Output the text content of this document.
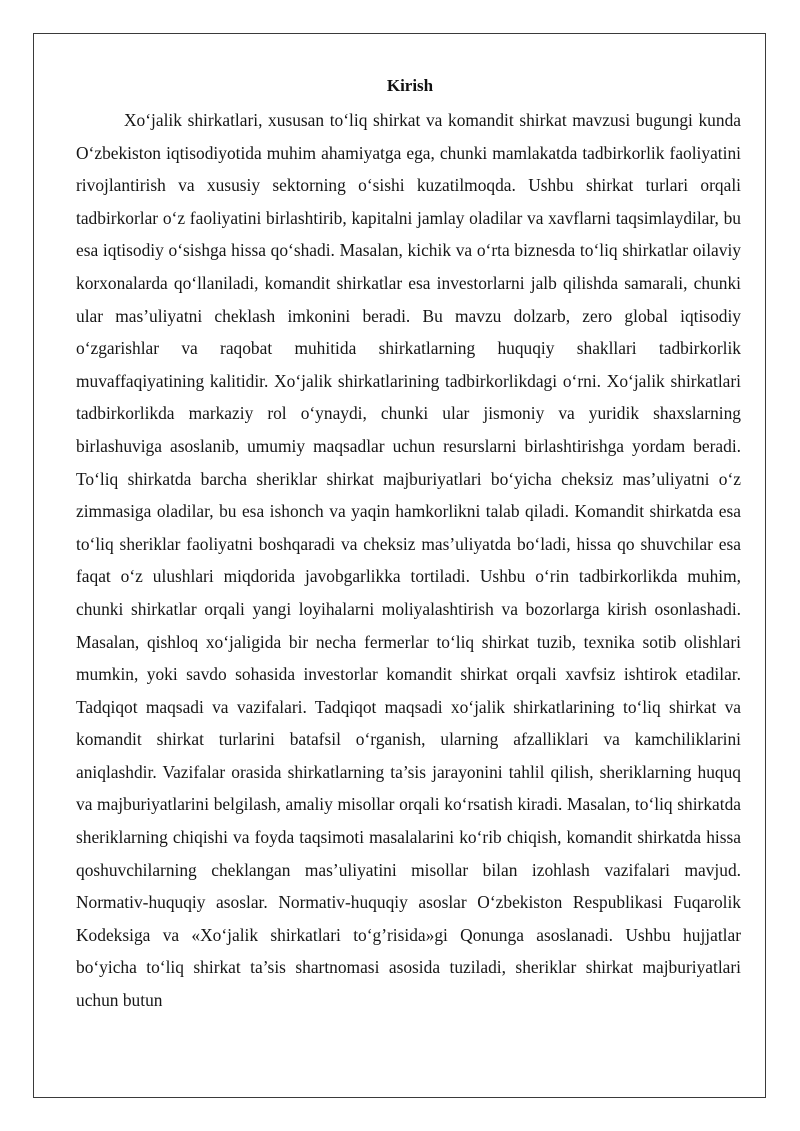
Kirish

Xo‘jalik shirkatlari, xususan to‘liq shirkat va komandit shirkat mavzusi bugungi kunda O‘zbekiston iqtisodiyotida muhim ahamiyatga ega, chunki mamlakatda tadbirkorlik faoliyatini rivojlantirish va xususiy sektorning o‘sishi kuzatilmoqda. Ushbu shirkat turlari orqali tadbirkorlar o‘z faoliyatini birlashtirib, kapitalni jamlay oladilar va xavflarni taqsimlaydilar, bu esa iqtisodiy o‘sishga hissa qo‘shadi. Masalan, kichik va o‘rta biznesda to‘liq shirkatlar oilaviy korxonalarda qo‘llaniladi, komandit shirkatlar esa investorlarni jalb qilishda samarali, chunki ular mas’uliyatni cheklash imkonini beradi. Bu mavzu dolzarb, zero global iqtisodiy o‘zgarishlar va raqobat muhitida shirkatlarning huquqiy shakllari tadbirkorlik muvaffaqiyatining kalitidir. Xo‘jalik shirkatlarining tadbirkorlikdagi o‘rni. Xo‘jalik shirkatlari tadbirkorlikda markaziy rol o‘ynaydi, chunki ular jismoniy va yuridik shaxslarning birlashuviga asoslanib, umumiy maqsadlar uchun resurslarni birlashtirishga yordam beradi. To‘liq shirkatda barcha sheriklar shirkat majburiyatlari bo‘yicha cheksiz mas’uliyatni o‘z zimmasiga oladilar, bu esa ishonch va yaqin hamkorlikni talab qiladi. Komandit shirkatda esa to‘liq sheriklar faoliyatni boshqaradi va cheksiz mas’uliyatda bo‘ladi, hissa qo shuvchilar esa faqat o‘z ulushlari miqdorida javobgarlikka tortiladi. Ushbu o‘rin tadbirkorlikda muhim, chunki shirkatlar orqali yangi loyihalarni moliyalashtirish va bozorlarga kirish osonlashadi. Masalan, qishloq xo‘jaligida bir necha fermerlar to‘liq shirkat tuzib, texnika sotib olishlari mumkin, yoki savdo sohasida investorlar komandit shirkat orqali xavfsiz ishtirok etadilar. Tadqiqot maqsadi va vazifalari. Tadqiqot maqsadi xo‘jalik shirkatlarining to‘liq shirkat va komandit shirkat turlarini batafsil o‘rganish, ularning afzalliklari va kamchiliklarini aniqlashdir. Vazifalar orasida shirkatlarning ta’sis jarayonini tahlil qilish, sheriklarning huquq va majburiyatlarini belgilash, amaliy misollar orqali ko‘rsatish kiradi. Masalan, to‘liq shirkatda sheriklarning chiqishi va foyda taqsimoti masalalarini ko‘rib chiqish, komandit shirkatda hissa qoshuvchilarning cheklangan mas’uliyatini misollar bilan izohlash vazifalari mavjud. Normativ-huquqiy asoslar. Normativ-huquqiy asoslar O‘zbekiston Respublikasi Fuqarolik Kodeksiga va «Xo‘jalik shirkatlari to‘g’risida»gi Qonunga asoslanadi. Ushbu hujjatlar bo‘yicha to‘liq shirkat ta’sis shartnomasi asosida tuziladi, sheriklar shirkat majburiyatlari uchun butun
